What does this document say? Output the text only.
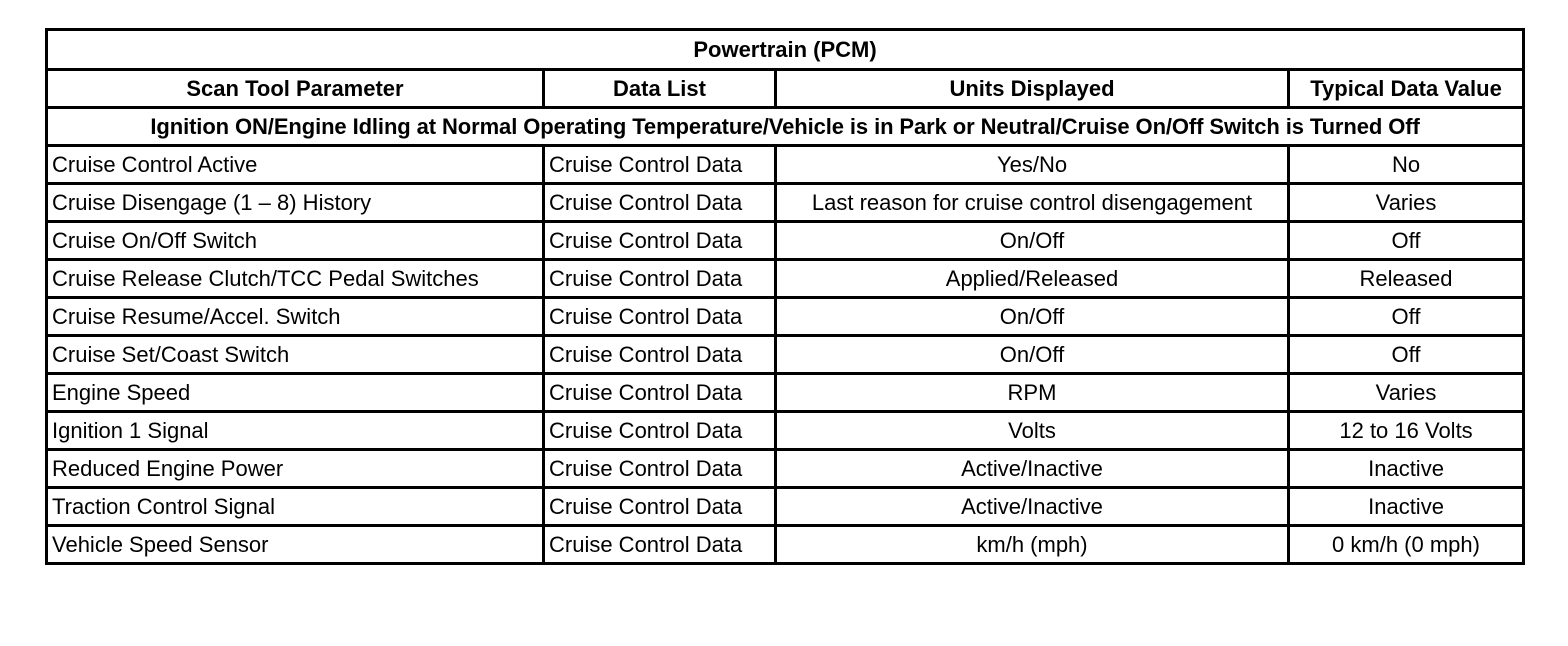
Powertrain (PCM)			
Scan Tool Parameter	Data List	Units Displayed	Typical Data Value
Ignition ON/Engine Idling at Normal Operating Temperature/Vehicle is in Park or Neutral/Cruise On/Off Switch is Turned Off			
Cruise Control Active	Cruise Control Data	Yes/No	No
Cruise Disengage (1 – 8) History	Cruise Control Data	Last reason for cruise control disengagement	Varies
Cruise On/Off Switch	Cruise Control Data	On/Off	Off
Cruise Release Clutch/TCC Pedal Switches	Cruise Control Data	Applied/Released	Released
Cruise Resume/Accel. Switch	Cruise Control Data	On/Off	Off
Cruise Set/Coast Switch	Cruise Control Data	On/Off	Off
Engine Speed	Cruise Control Data	RPM	Varies
Ignition 1 Signal	Cruise Control Data	Volts	12 to 16 Volts
Reduced Engine Power	Cruise Control Data	Active/Inactive	Inactive
Traction Control Signal	Cruise Control Data	Active/Inactive	Inactive
Vehicle Speed Sensor	Cruise Control Data	km/h (mph)	0 km/h (0 mph)
